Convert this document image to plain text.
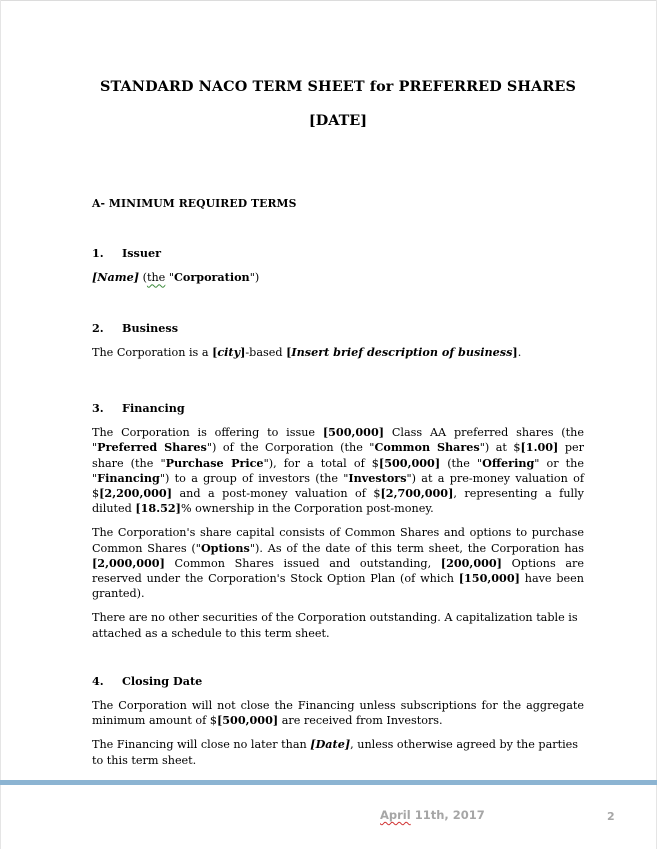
STANDARD NACO TERM SHEET for PREFERRED SHARES
[DATE]
A- MINIMUM REQUIRED TERMS
1. Issuer

[Name] (the "Corporation")

2. Business

The Corporation is a [city]-based [Insert brief description of business].

3. Financing

The Corporation is offering to issue [500,000] Class AA preferred shares (the "Preferred Shares") of the Corporation (the "Common Shares") at $[1.00] per share (the "Purchase Price"), for a total of $[500,000] (the "Offering" or the "Financing") to a group of investors (the "Investors") at a pre-money valuation of $[2,200,000] and a post-money valuation of $[2,700,000], representing a fully diluted [18.52]% ownership in the Corporation post-money.

The Corporation's share capital consists of Common Shares and options to purchase Common Shares ("Options"). As of the date of this term sheet, the Corporation has [2,000,000] Common Shares issued and outstanding, [200,000] Options are reserved under the Corporation's Stock Option Plan (of which [150,000] have been granted).

There are no other securities of the Corporation outstanding. A capitalization table is attached as a schedule to this term sheet.

4. Closing Date

The Corporation will not close the Financing unless subscriptions for the aggregate minimum amount of $[500,000] are received from Investors.

The Financing will close no later than [Date], unless otherwise agreed by the parties to this term sheet.

April 11th, 2017	2
